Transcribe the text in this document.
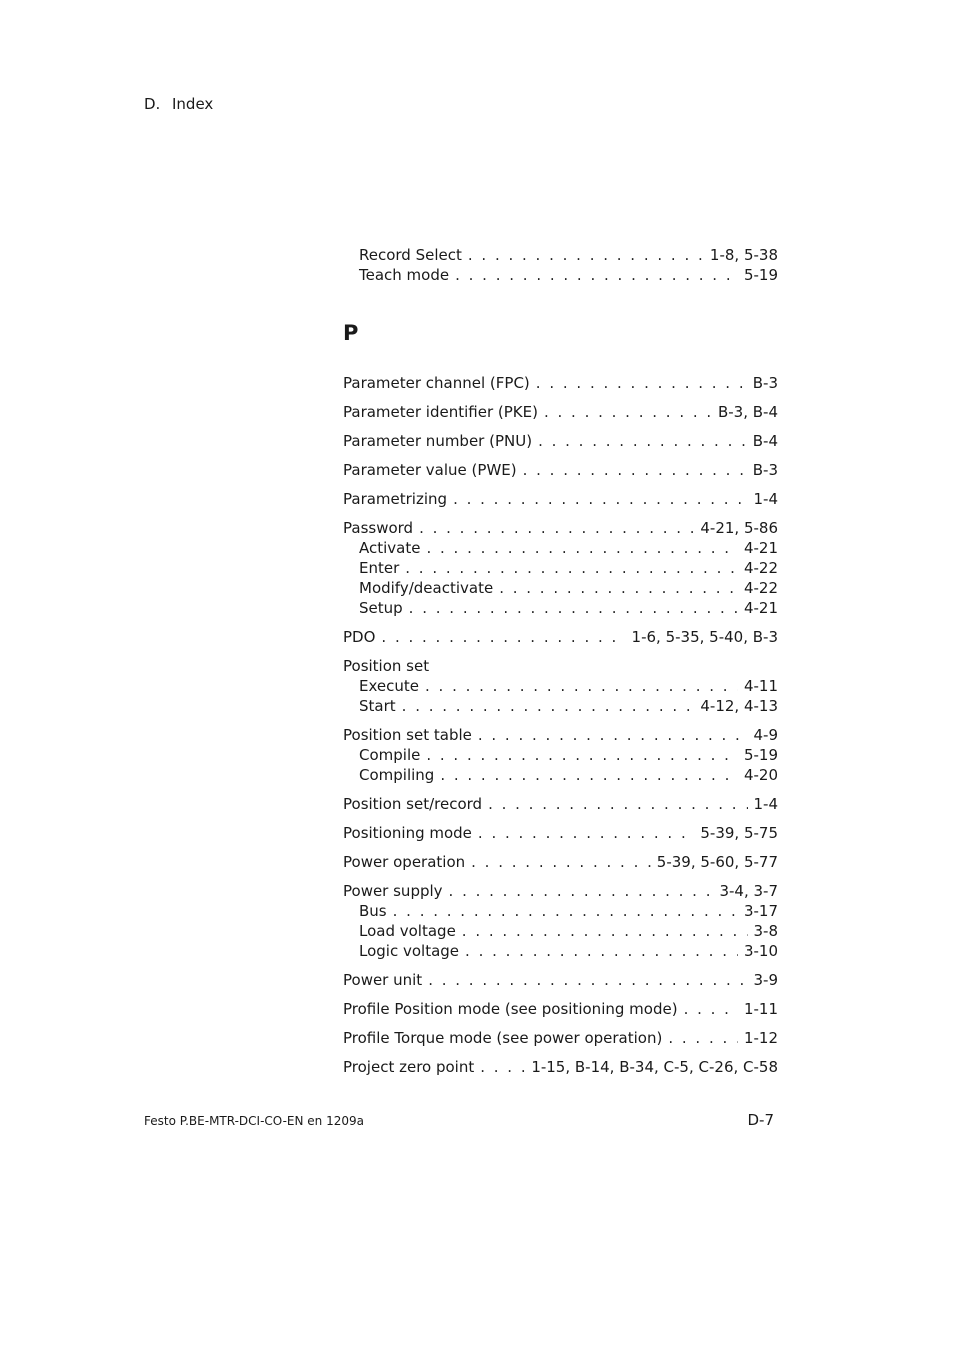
D. Index
Record Select . . .	1-8, 5-38
Teach mode . . .	5-19
P
Parameter channel (FPC) . . .	B-3
Parameter identifier (PKE) . . .	B-3, B-4
Parameter number (PNU) . . .	B-4
Parameter value (PWE) . . .	B-3
Parametrizing . . .	1-4
Password . . .	4-21, 5-86
Activate . . .	4-21
Enter . . .	4-22
Modify/deactivate . . .	4-22
Setup . . .	4-21
PDO . . .	1-6, 5-35, 5-40, B-3
Position set
Execute . . .	4-11
Start . . .	4-12, 4-13
Position set table . . .	4-9
Compile . . .	5-19
Compiling . . .	4-20
Position set/record . . .	1-4
Positioning mode . . .	5-39, 5-75
Power operation . . .	5-39, 5-60, 5-77
Power supply . . .	3-4, 3-7
Bus . . .	3-17
Load voltage . . .	3-8
Logic voltage . . .	3-10
Power unit . . .	3-9
Profile Position mode (see positioning mode) . . .	1-11
Profile Torque mode (see power operation) . . .	1-12
Project zero point . . .	1-15, B-14, B-34, C-5, C-26, C-58
Festo P.BE-MTR-DCI-CO-EN en 1209a	D-7
